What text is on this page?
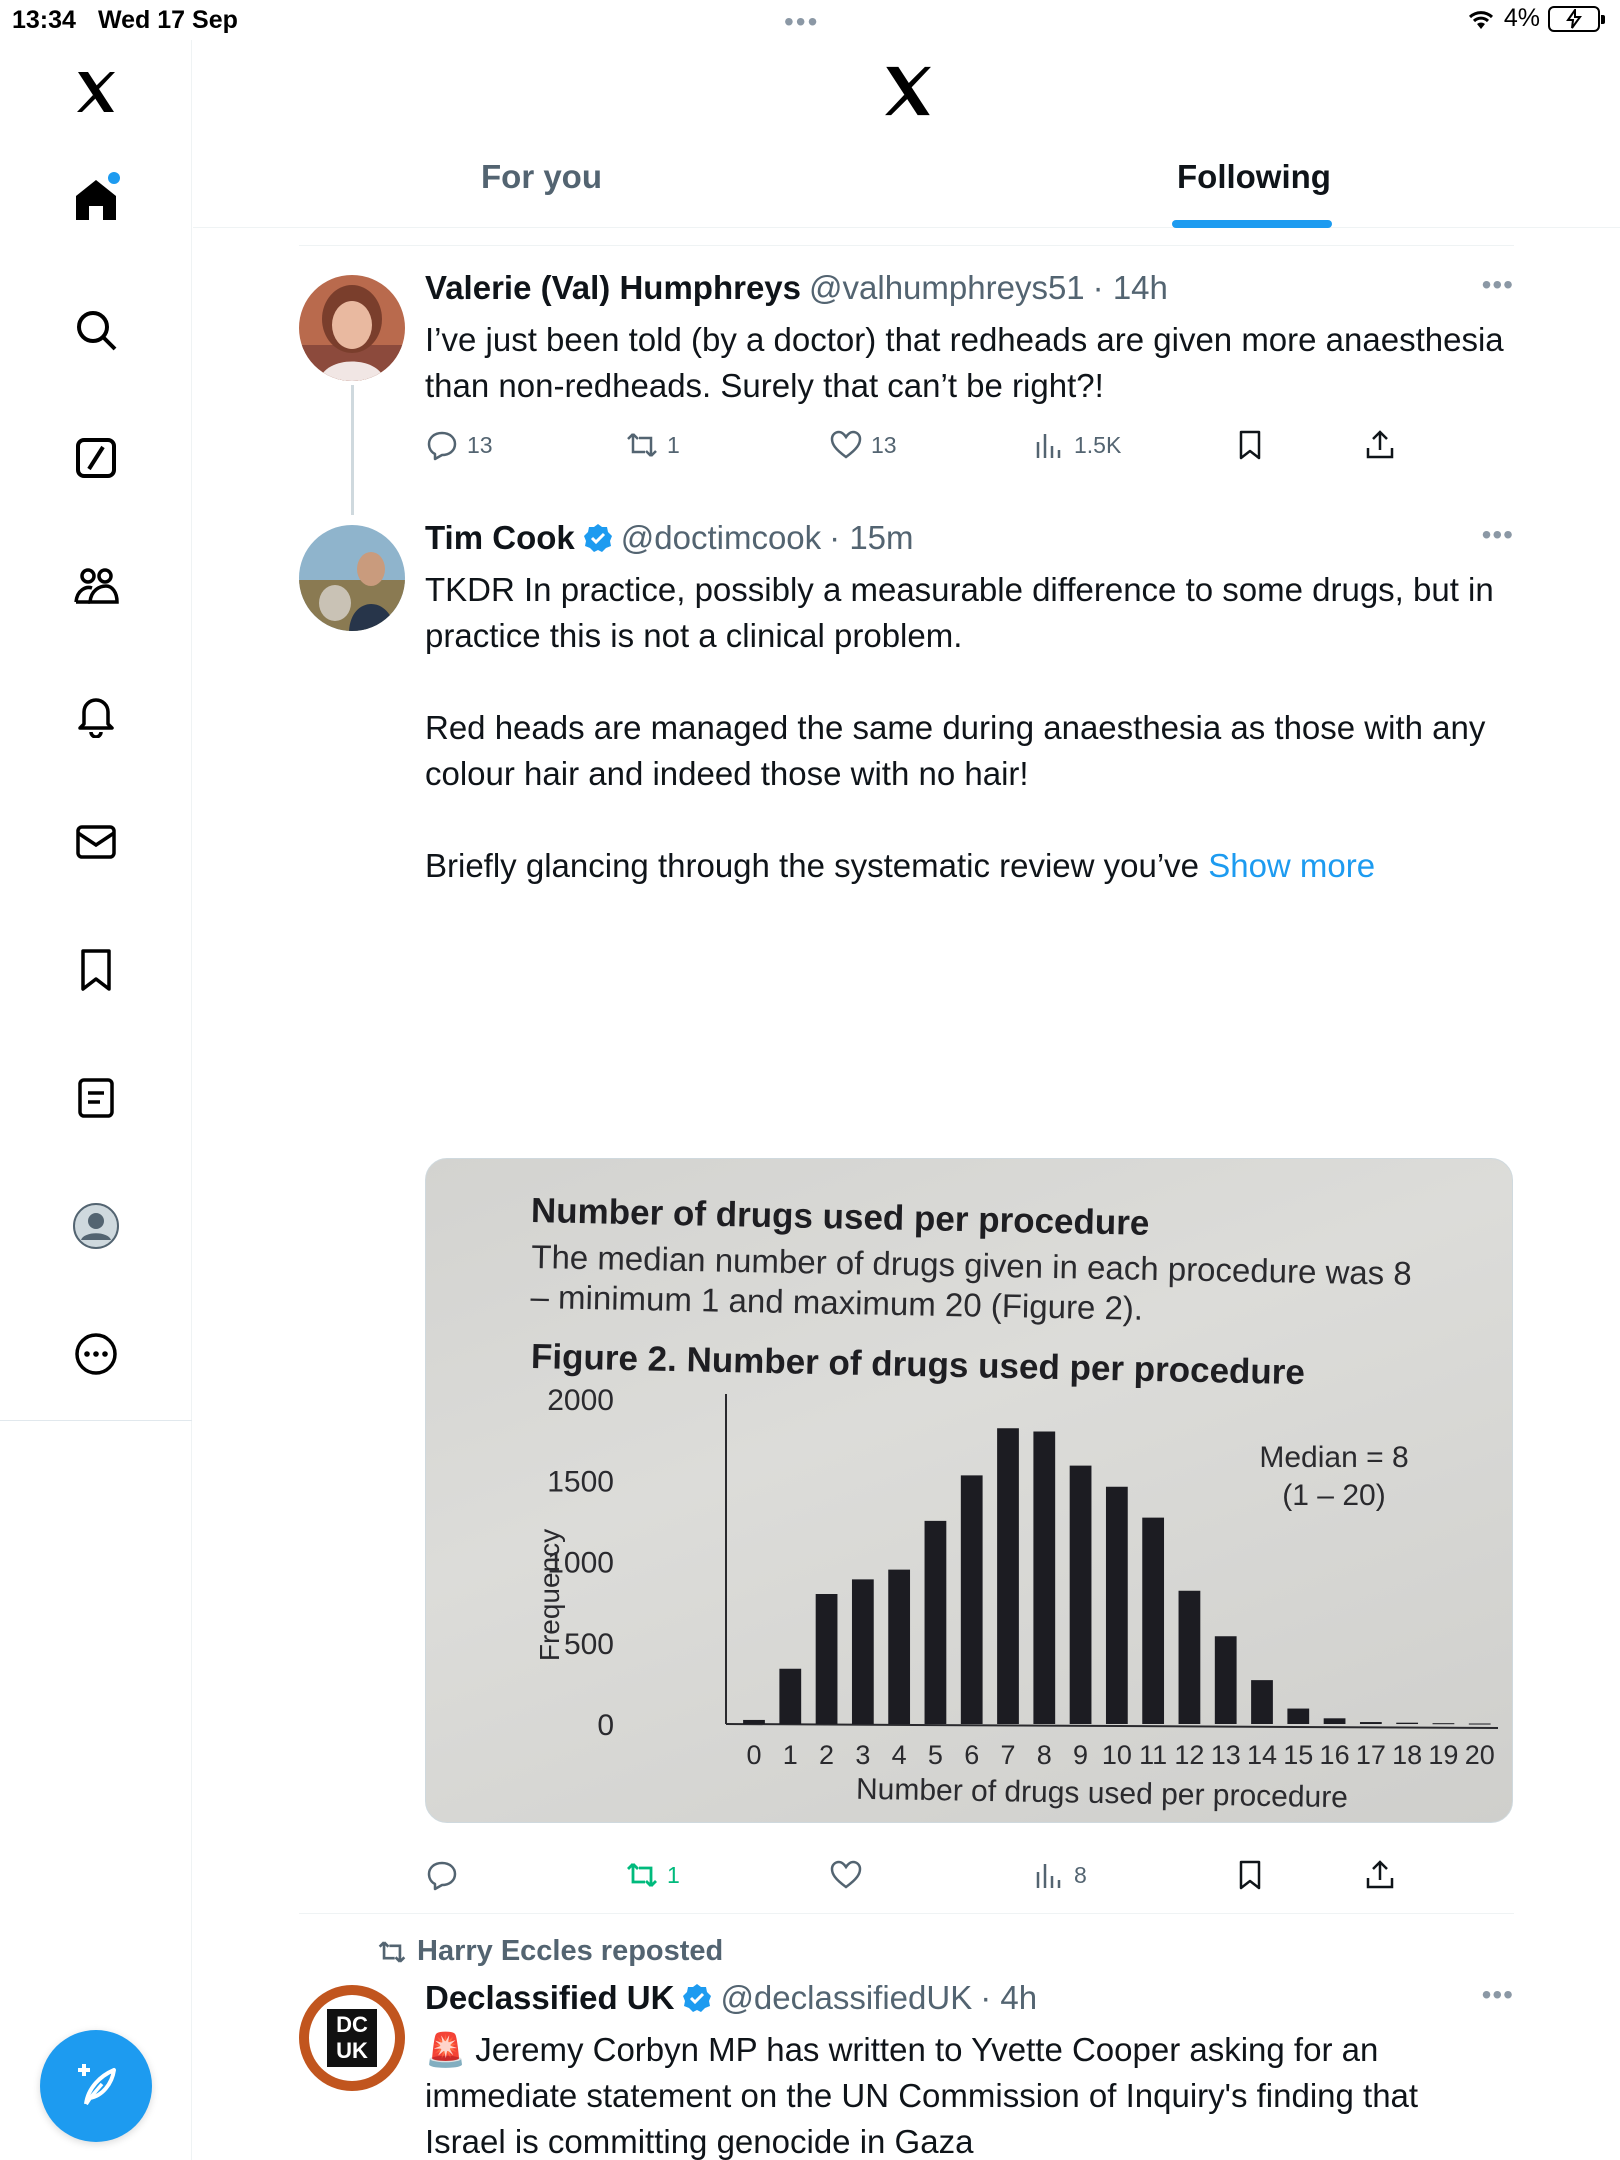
13:34 Wed 17 Sep	•••	4%
For you	Following
Valerie (Val) Humphreys @valhumphreys51 · 14h	•••
I’ve just been told (by a doctor) that redheads are given more anaesthesia than non-redheads. Surely that can’t be right?!
13	1	13	1.5K
Tim Cook @doctimcook · 15m	•••
TKDR In practice, possibly a measurable difference to some drugs, but in practice this is not a clinical problem.

Red heads are managed the same during anaesthesia as those with any colour hair and indeed those with no hair!

Briefly glancing through the systematic review you’ve Show more
0
500
1000
1500
2000
0 1 2 3 4 5 6 7 8 9 10 11 12 13 14 15 16 17 18 19 20
Number of drugs used per procedure
The median number of drugs given in each procedure was 8 – minimum 1 and maximum 20 (Figure 2).
Figure 2. Number of drugs used per procedure
Median = 8
(1 – 20)
Frequency
Number of drugs used per procedure
1	8
Harry Eccles reposted
DC UK
Declassified UK @declassifiedUK · 4h	•••
🚨 Jeremy Corbyn MP has written to Yvette Cooper asking for an immediate statement on the UN Commission of Inquiry's finding that Israel is committing genocide in Gaza
